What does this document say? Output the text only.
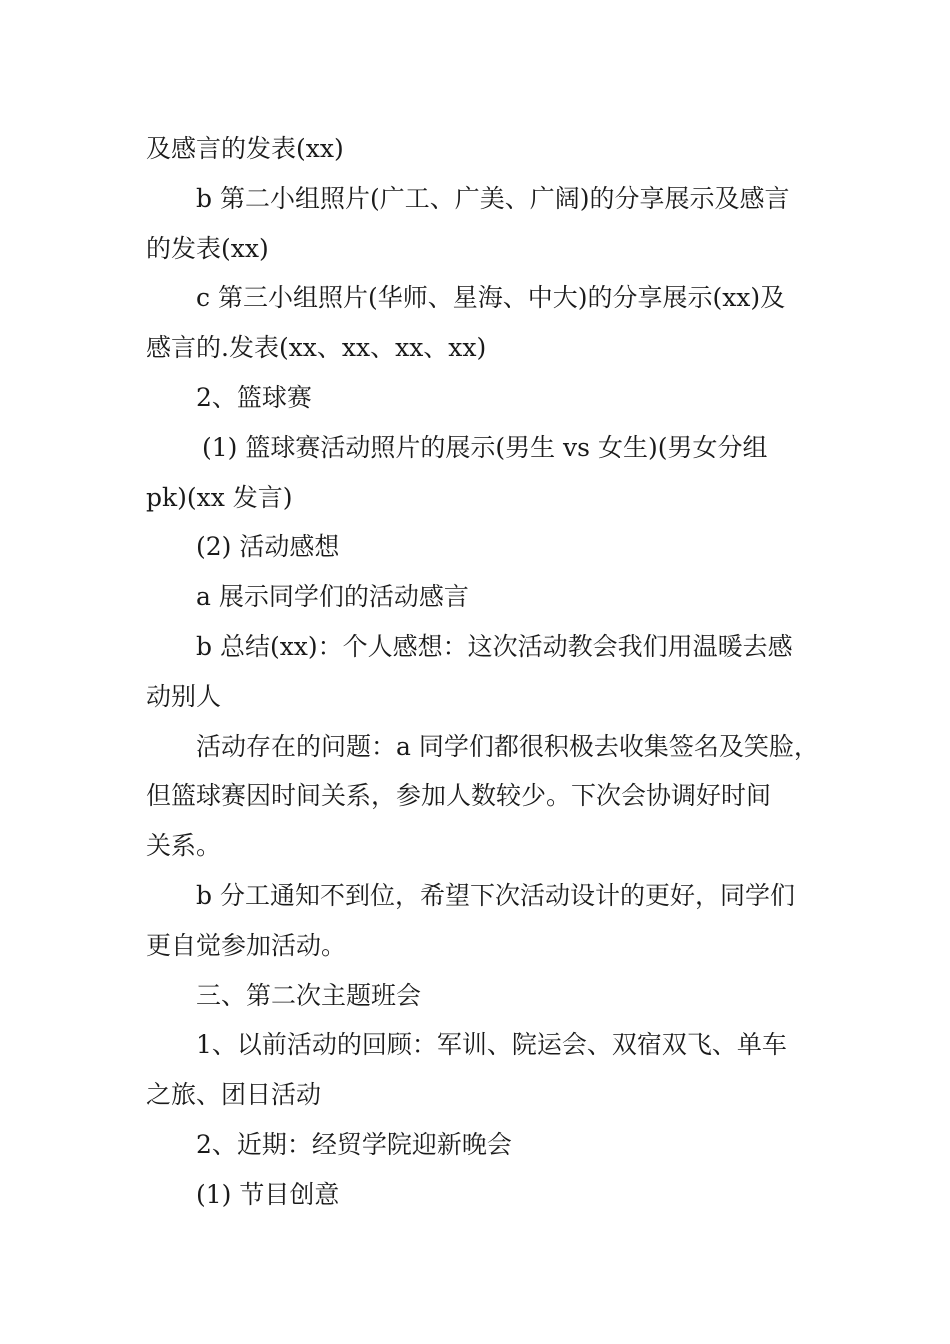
及感言的发表(xx)

b 第二小组照片(广工、广美、广阔)的分享展示及感言

的发表(xx)

c 第三小组照片(华师、星海、中大)的分享展示(xx)及

感言的.发表(xx、xx、xx、xx)

2、篮球赛

(1) 篮球赛活动照片的展示(男生 vs 女生)(男女分组

pk)(xx 发言)

(2) 活动感想

a 展示同学们的活动感言

b 总结(xx)：个人感想：这次活动教会我们用温暖去感

动别人

活动存在的问题：a 同学们都很积极去收集签名及笑脸，

但篮球赛因时间关系，参加人数较少。下次会协调好时间

关系。

b 分工通知不到位，希望下次活动设计的更好，同学们

更自觉参加活动。

三、第二次主题班会

1、以前活动的回顾：军训、院运会、双宿双飞、单车

之旅、团日活动

2、近期：经贸学院迎新晚会

(1) 节目创意
